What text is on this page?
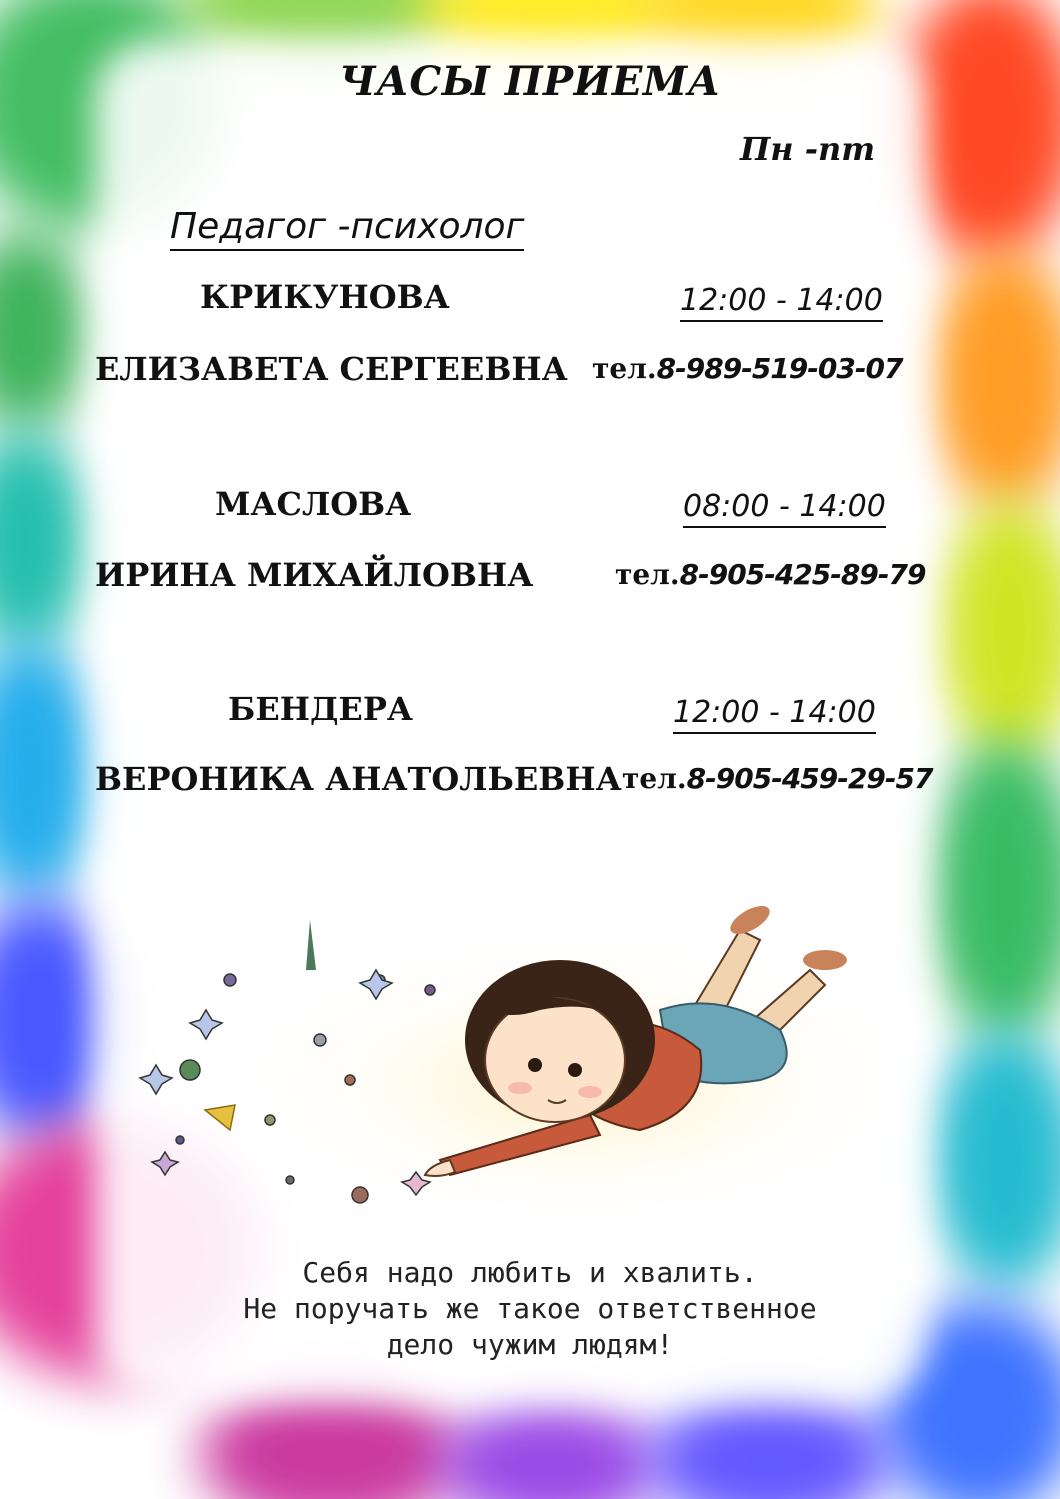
ЧАСЫ ПРИЕМА
Пн -пт
Педагог -психолог
КРИКУНОВА	12:00 - 14:00
ЕЛИЗАВЕТА СЕРГЕЕВНА тел.8-989-519-03-07
МАСЛОВА	08:00 - 14:00
ИРИНА МИХАЙЛОВНА	тел.8-905-425-89-79
БЕНДЕРА	12:00 - 14:00
ВЕРОНИКА АНАТОЛЬЕВНА тел.8-905-459-29-57
Себя надо любить и хвалить.
Не поручать же такое ответственное
дело чужим людям!
